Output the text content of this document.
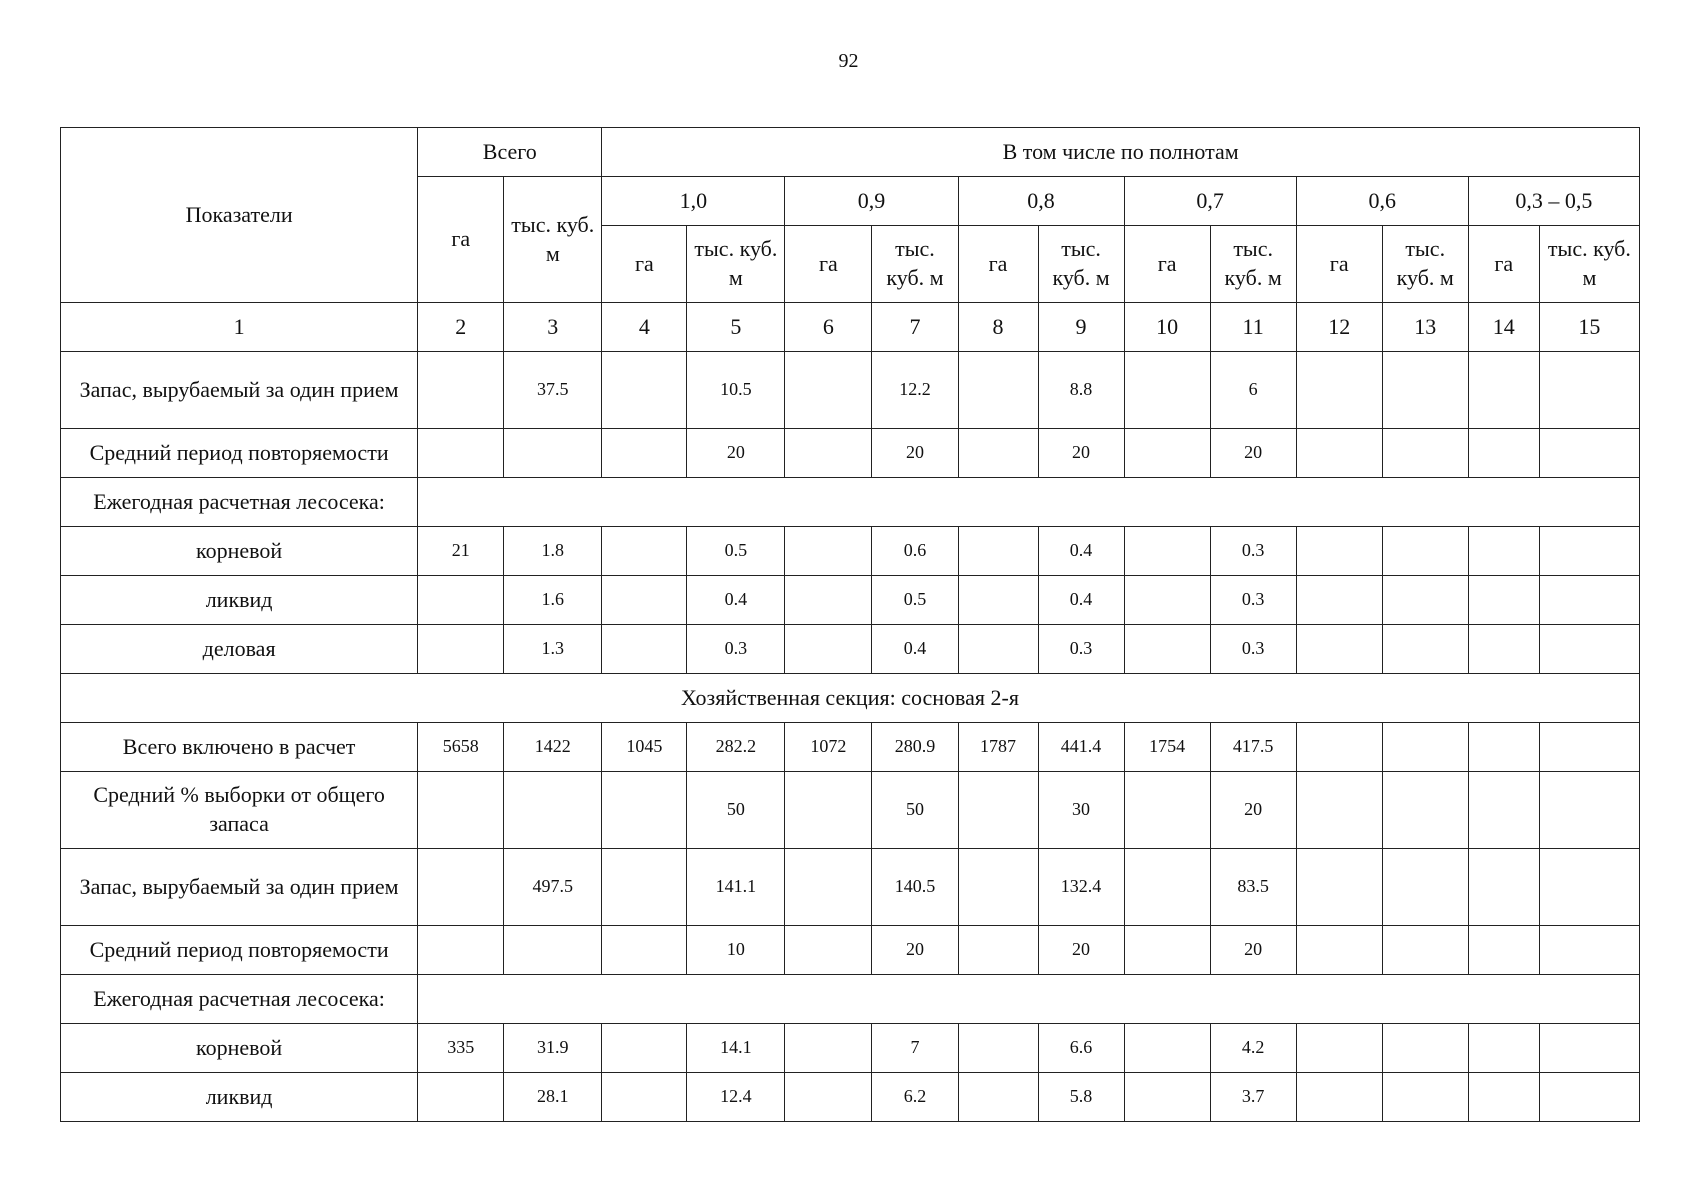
92
Показатели	Всего		В том числе по полнотам											
	га	тыс. куб. м	1,0		0,9		0,8		0,7		0,6		0,3 – 0,5	
			га	тыс. куб. м	га	тыс. куб. м	га	тыс. куб. м	га	тыс. куб. м	га	тыс. куб. м	га	тыс. куб. м
1	2	3	4	5	6	7	8	9	10	11	12	13	14	15
Запас, вырубаемый за один прием		37.5		10.5		12.2		8.8		6				
Средний период повторяемости				20		20		20		20				
Ежегодная расчетная лесосека:														
корневой	21	1.8		0.5		0.6		0.4		0.3				
ликвид		1.6		0.4		0.5		0.4		0.3				
деловая		1.3		0.3		0.4		0.3		0.3				
Хозяйственная секция: сосновая 2-я														
Всего включено в расчет	5658	1422	1045	282.2	1072	280.9	1787	441.4	1754	417.5				
Средний % выборки от общего запаса				50		50		30		20				
Запас, вырубаемый за один прием		497.5		141.1		140.5		132.4		83.5				
Средний период повторяемости				10		20		20		20				
Ежегодная расчетная лесосека:														
корневой	335	31.9		14.1		7		6.6		4.2				
ликвид		28.1		12.4		6.2		5.8		3.7				
